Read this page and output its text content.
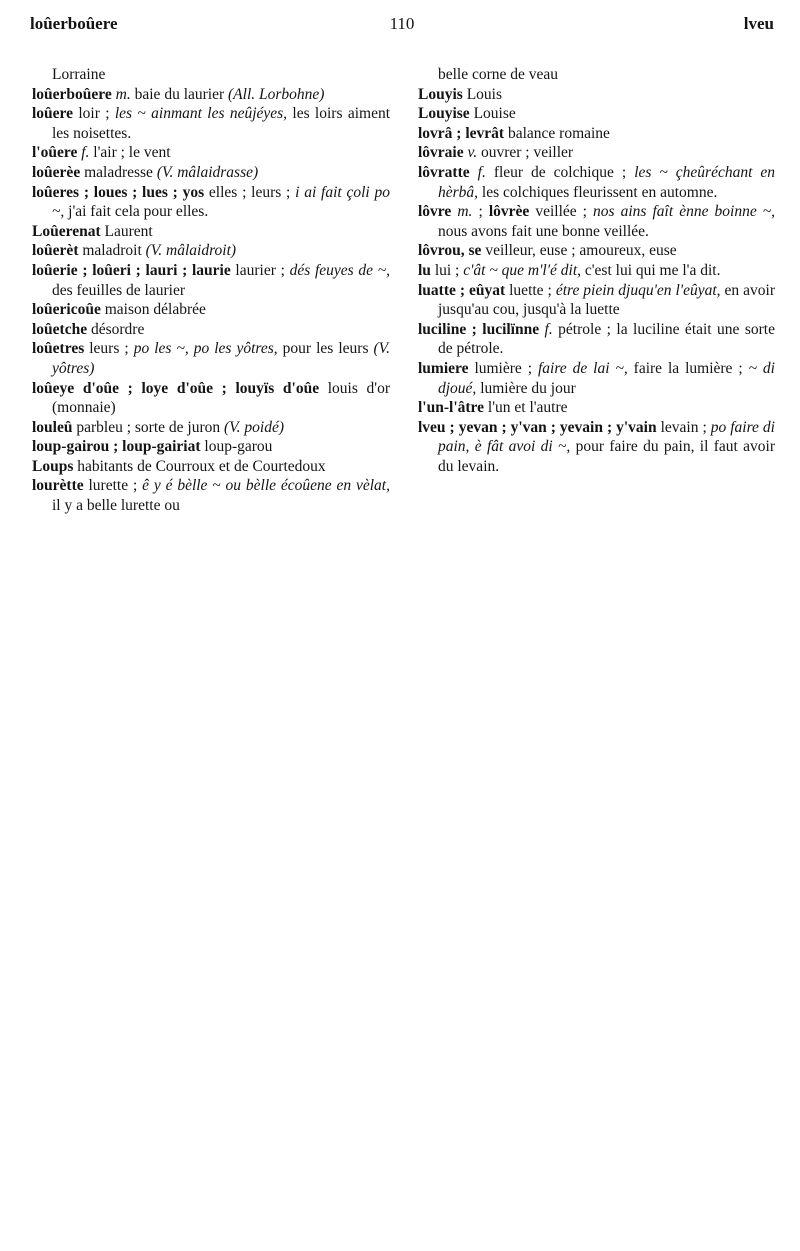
loûerboûere	110	lveu

Lorraine

loûerboûere m. baie du laurier (All. Lorbohne)

loûere loir ; les ~ ainmant les neûjéyes, les loirs aiment les noisettes.

l'oûere f. l'air ; le vent

loûerèe maladresse (V. mâlaidrasse)

loûeres ; loues ; lues ; yos elles ; leurs ; i ai fait çoli po ~, j'ai fait cela pour elles.

Loûerenat Laurent

loûerèt maladroit (V. mâlaidroit)

loûerie ; loûeri ; lauri ; laurie laurier ; dés feuyes de ~, des feuilles de laurier

loûericoûe maison délabrée

loûetche désordre

loûetres leurs ; po les ~, po les yôtres, pour les leurs (V. yôtres)

loûeye d'oûe ; loye d'oûe ; louyïs d'oûe louis d'or (monnaie)

louleû parbleu ; sorte de juron (V. poidé)

loup-gairou ; loup-gairiat loup-garou

Loups habitants de Courroux et de Courtedoux

lourètte lurette ; ê y é bèlle ~ ou bèlle écoûene en vèlat, il y a belle lurette ou

belle corne de veau

Louyis Louis

Louyise Louise

lovrâ ; levrât balance romaine

lôvraie v. ouvrer ; veiller

lôvratte f. fleur de colchique ; les ~ çheûréchant en hèrbâ, les colchiques fleurissent en automne.

lôvre m. ; lôvrèe veillée ; nos ains faît ènne boinne ~, nous avons fait une bonne veillée.

lôvrou, se veilleur, euse ; amoureux, euse

lu lui ; c'ât ~ que m'l'é dit, c'est lui qui me l'a dit.

luatte ; eûyat luette ; étre piein djuqu'en l'eûyat, en avoir jusqu'au cou, jusqu'à la luette

luciline ; lucilïnne f. pétrole ; la luciline était une sorte de pétrole.

lumiere lumière ; faire de lai ~, faire la lumière ; ~ di djoué, lumière du jour

l'un-l'âtre l'un et l'autre

lveu ; yevan ; y'van ; yevain ; y'vain levain ; po faire di pain, è fât avoi di ~, pour faire du pain, il faut avoir du levain.
